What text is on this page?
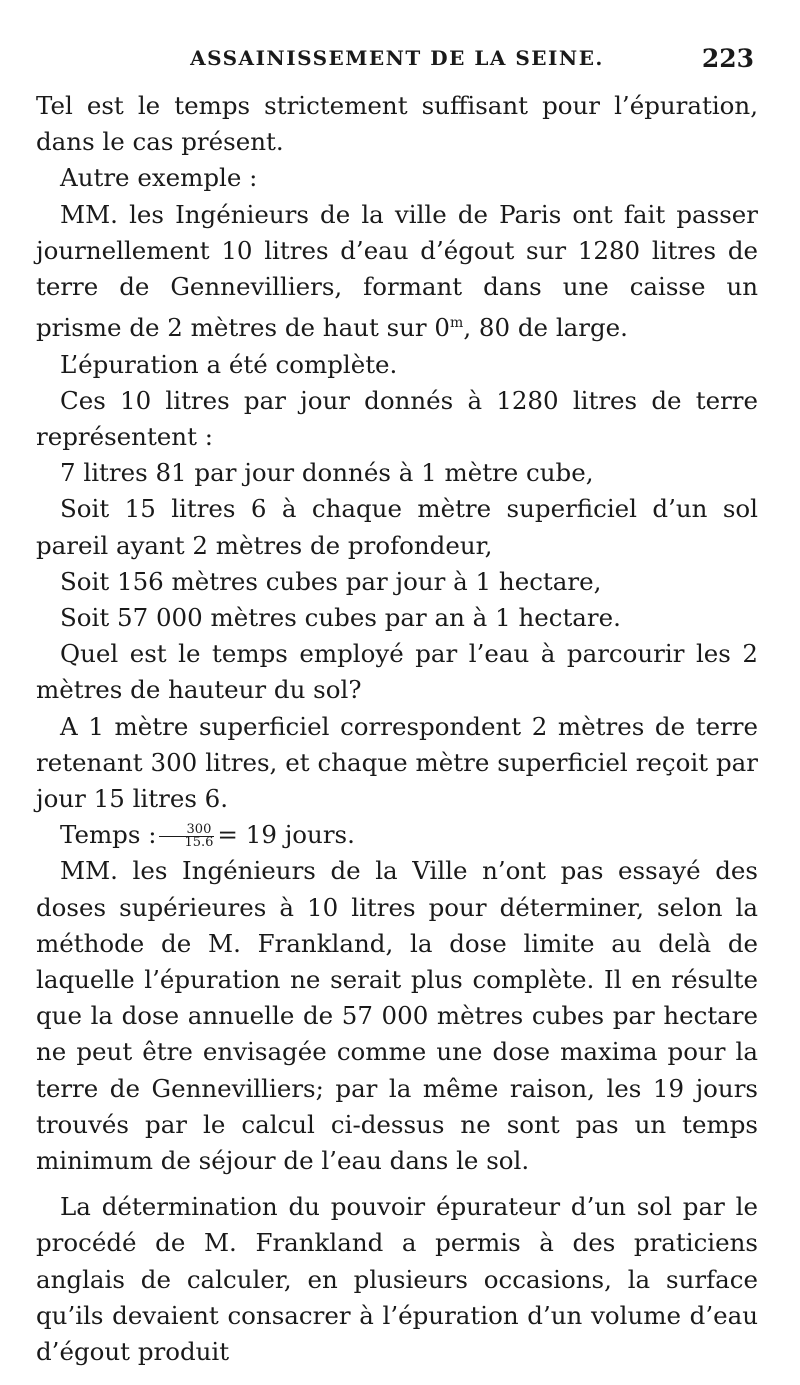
ASSAINISSEMENT DE LA SEINE.	223

Tel est le temps strictement suffisant pour l’épuration, dans le cas présent.

Autre exemple :

MM. les Ingénieurs de la ville de Paris ont fait passer journellement 10 litres d’eau d’égout sur 1280 litres de terre de Gennevilliers, formant dans une caisse un prisme de 2 mètres de haut sur 0$^m$, 80 de large.

L’épuration a été complète.

Ces 10 litres par jour donnés à 1280 litres de terre représentent :

7 litres 81 par jour donnés à 1 mètre cube,

Soit 15 litres 6 à chaque mètre superficiel d’un sol pareil ayant 2 mètres de profondeur,

Soit 156 mètres cubes par jour à 1 hectare,

Soit 57 000 mètres cubes par an à 1 hectare.

Quel est le temps employé par l’eau à parcourir les 2 mètres de hauteur du sol?

A 1 mètre superficiel correspondent 2 mètres de terre retenant 300 litres, et chaque mètre superficiel reçoit par jour 15 litres 6.

Temps : $\frac{300}{15.6} = 19$ jours.

MM. les Ingénieurs de la Ville n’ont pas essayé des doses supérieures à 10 litres pour déterminer, selon la méthode de M. Frankland, la dose limite au delà de laquelle l’épuration ne serait plus complète. Il en résulte que la dose annuelle de 57 000 mètres cubes par hectare ne peut être envisagée comme une dose maxima pour la terre de Gennevilliers; par la même raison, les 19 jours trouvés par le calcul ci-dessus ne sont pas un temps minimum de séjour de l’eau dans le sol.

La détermination du pouvoir épurateur d’un sol par le procédé de M. Frankland a permis à des praticiens anglais de calculer, en plusieurs occasions, la surface qu’ils devaient consacrer à l’épuration d’un volume d’eau d’égout produit
